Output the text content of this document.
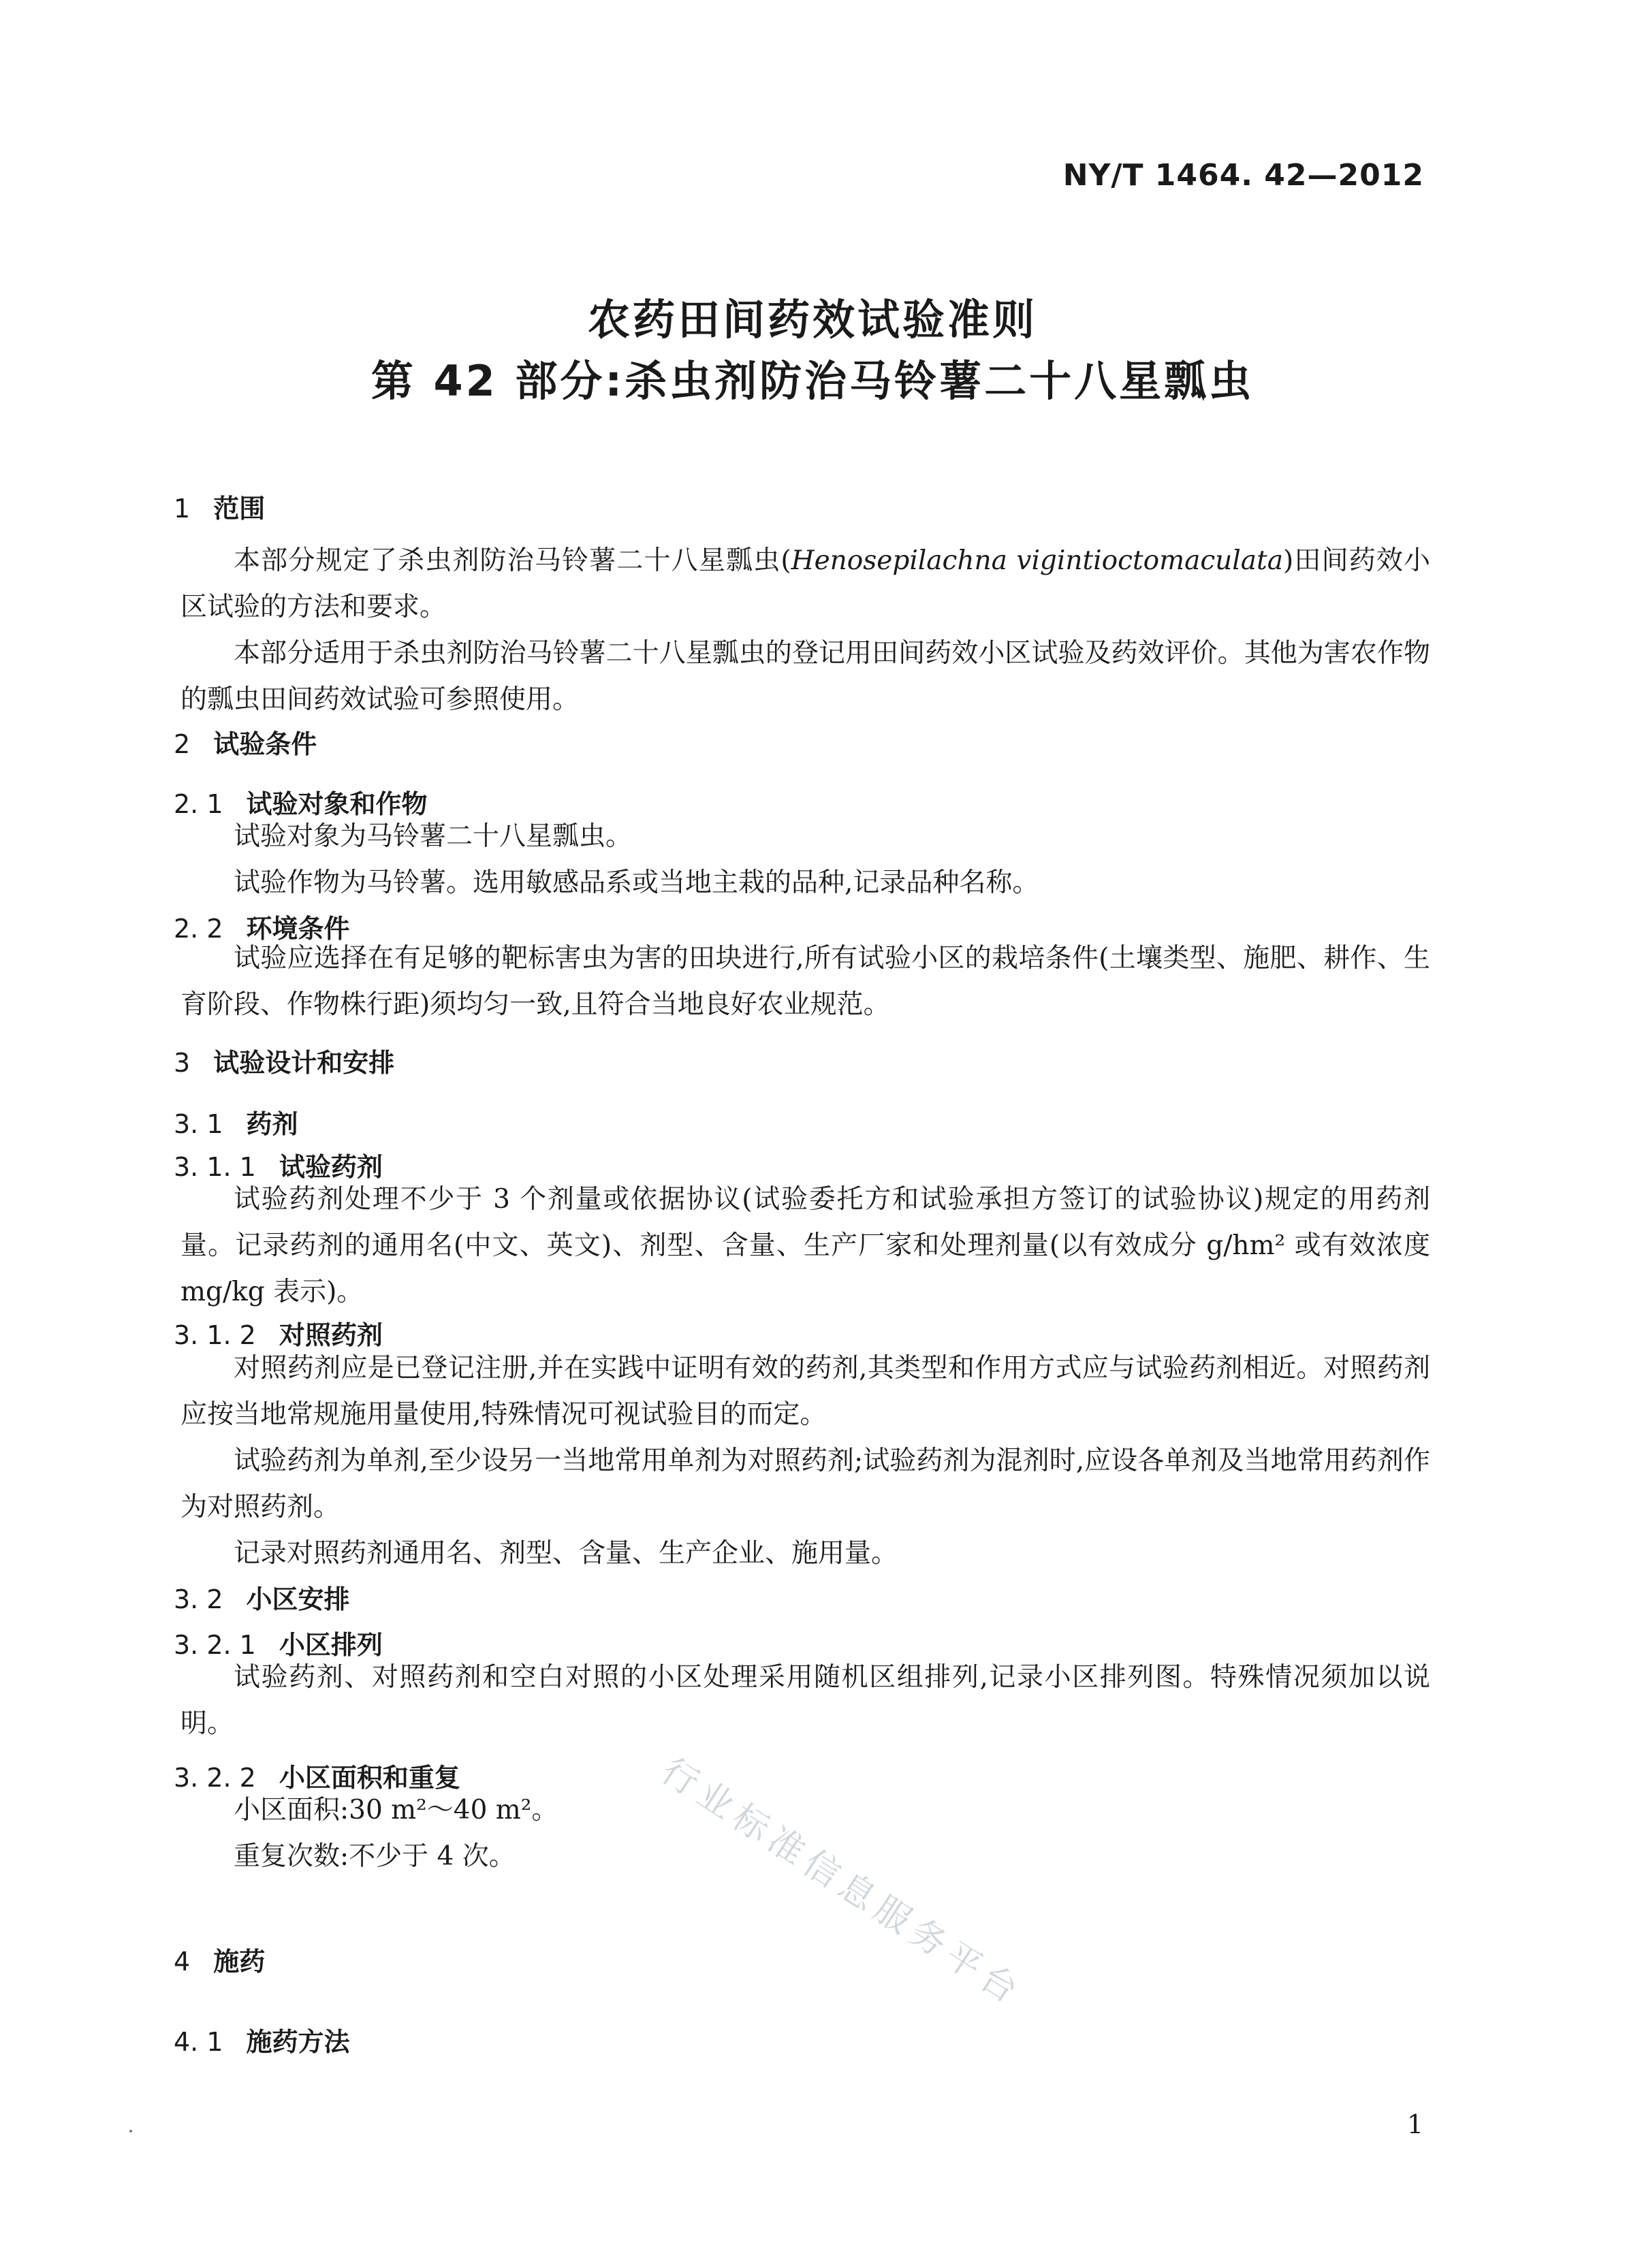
NY/T 1464. 42—2012
农药田间药效试验准则
第 42 部分:杀虫剂防治马铃薯二十八星瓢虫
1 范围
本部分规定了杀虫剂防治马铃薯二十八星瓢虫(Henosepilachna vigintioctomaculata)田间药效小区试验的方法和要求。
本部分适用于杀虫剂防治马铃薯二十八星瓢虫的登记用田间药效小区试验及药效评价。其他为害农作物的瓢虫田间药效试验可参照使用。
2 试验条件
2. 1 试验对象和作物
试验对象为马铃薯二十八星瓢虫。
试验作物为马铃薯。选用敏感品系或当地主栽的品种,记录品种名称。
2. 2 环境条件
试验应选择在有足够的靶标害虫为害的田块进行,所有试验小区的栽培条件(土壤类型、施肥、耕作、生育阶段、作物株行距)须均匀一致,且符合当地良好农业规范。
3 试验设计和安排
3. 1 药剂
3. 1. 1 试验药剂
试验药剂处理不少于 3 个剂量或依据协议(试验委托方和试验承担方签订的试验协议)规定的用药剂量。记录药剂的通用名(中文、英文)、剂型、含量、生产厂家和处理剂量(以有效成分 g/hm² 或有效浓度 mg/kg 表示)。
3. 1. 2 对照药剂
对照药剂应是已登记注册,并在实践中证明有效的药剂,其类型和作用方式应与试验药剂相近。对照药剂应按当地常规施用量使用,特殊情况可视试验目的而定。
试验药剂为单剂,至少设另一当地常用单剂为对照药剂;试验药剂为混剂时,应设各单剂及当地常用药剂作为对照药剂。
记录对照药剂通用名、剂型、含量、生产企业、施用量。
3. 2 小区安排
3. 2. 1 小区排列
试验药剂、对照药剂和空白对照的小区处理采用随机区组排列,记录小区排列图。特殊情况须加以说明。
3. 2. 2 小区面积和重复
小区面积:30 m²～40 m²。
重复次数:不少于 4 次。
4 施药
4. 1 施药方法
行业标准信息服务平台
1
